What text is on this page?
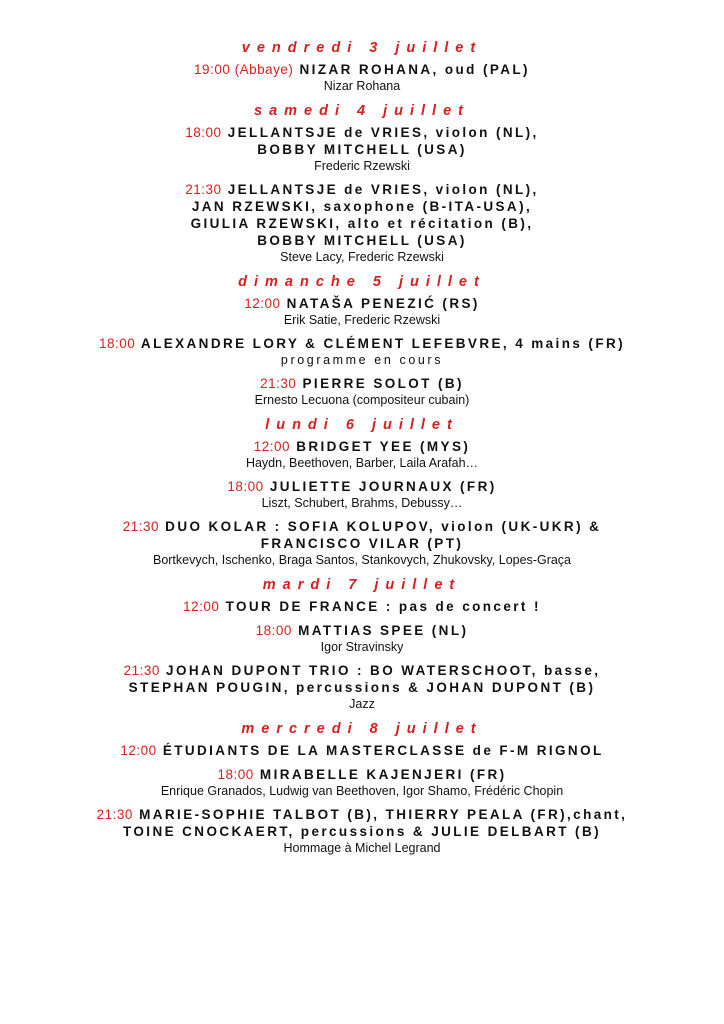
vendredi 3 juillet
19:00 (Abbaye) NIZAR ROHANA, oud (PAL)
Nizar Rohana
samedi 4 juillet
18:00 JELLANTSJE de VRIES, violon (NL),
BOBBY MITCHELL (USA)
Frederic Rzewski
21:30 JELLANTSJE de VRIES, violon (NL),
JAN RZEWSKI, saxophone (B-ITA-USA),
GIULIA RZEWSKI, alto et récitation (B),
BOBBY MITCHELL (USA)
Steve Lacy, Frederic Rzewski
dimanche 5 juillet
12:00 NATAŠA PENEZIĆ (RS)
Erik Satie, Frederic Rzewski
18:00 ALEXANDRE LORY & CLÉMENT LEFEBVRE, 4 mains (FR)
programme en cours
21:30 PIERRE SOLOT (B)
Ernesto Lecuona (compositeur cubain)
lundi 6 juillet
12:00 BRIDGET YEE (MYS)
Haydn, Beethoven, Barber, Laila Arafah…
18:00 JULIETTE JOURNAUX (FR)
Liszt, Schubert, Brahms, Debussy…
21:30 DUO KOLAR : SOFIA KOLUPOV, violon (UK-UKR) &
FRANCISCO VILAR (PT)
Bortkevych, Ischenko, Braga Santos, Stankovych, Zhukovsky, Lopes-Graça
mardi 7 juillet
12:00 TOUR DE FRANCE : pas de concert !
18:00 MATTIAS SPEE (NL)
Igor Stravinsky
21:30 JOHAN DUPONT TRIO : BO WATERSCHOOT, basse,
STEPHAN POUGIN, percussions & JOHAN DUPONT (B)
Jazz
mercredi 8 juillet
12:00 ÉTUDIANTS DE LA MASTERCLASSE de F-M RIGNOL
18:00 MIRABELLE KAJENJERI (FR)
Enrique Granados, Ludwig van Beethoven, Igor Shamo, Frédéric Chopin
21:30 MARIE-SOPHIE TALBOT (B), THIERRY PEALA (FR),chant,
TOINE CNOCKAERT, percussions & JULIE DELBART (B)
Hommage à Michel Legrand
